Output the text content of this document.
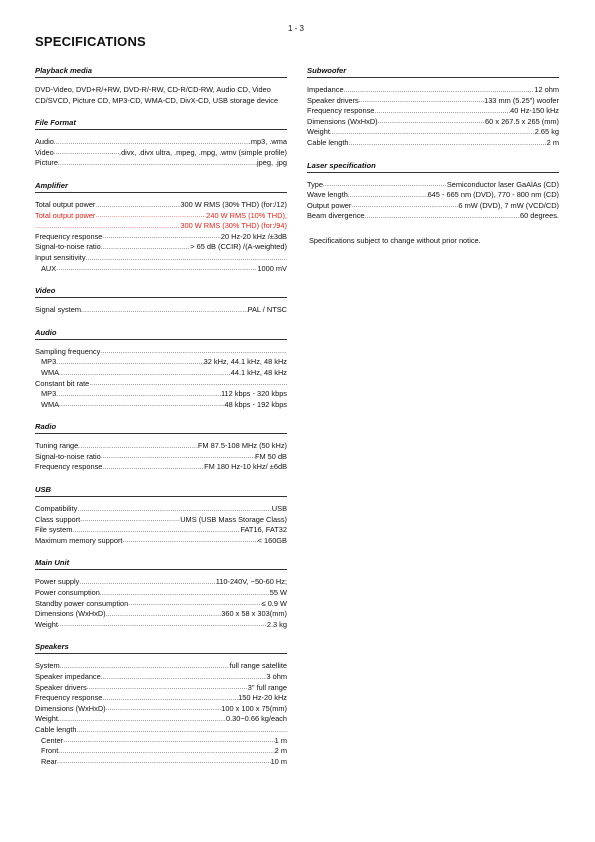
1 - 3
SPECIFICATIONS
Playback media
DVD-Video, DVD+R/+RW, DVD-R/-RW, CD-R/CD-RW, Audio CD, Video CD/SVCD, Picture CD, MP3-CD, WMA-CD, DivX-CD, USB storage device
File Format
Audio .....	.mp3, .wma
Video .....	.divx, .divx ultra, .mpeg, .mpg, .wmv (simple profile)
Picture .....	.jpeg, .jpg
Amplifier
Total output power .....	300 W RMS (30% THD) (for:/12)
Total output power .....	240 W RMS (10% THD),
.....
300 W RMS (30% THD) (for:/94)
Frequency response .....	20 Hz-20 kHz /±3dB
Signal-to-noise ratio .....	> 65 dB (CCIR) /(A-weighted)
Input sensitivity
.....
AUX .....	1000 mV
Video
Signal system .....	PAL / NTSC
Audio
Sampling frequency
.....
MP3 .....	32 kHz, 44.1 kHz, 48 kHz
WMA .....	44.1 kHz, 48 kHz
Constant bit rate
.....
MP3 .....	112 kbps - 320 kbps
WMA .....	48 kbps - 192 kbps
Radio
Tuning range .....	FM 87.5-108 MHz (50 kHz)
Signal-to-noise ratio .....	FM 50 dB
Frequency response .....	FM 180 Hz-10 kHz/ ±6dB
USB
Compatibility .....	USB
Class support .....	UMS (USB Mass Storage Class)
File system .....	FAT16, FAT32
Maximum memory support .....	< 160GB
Main Unit
Power supply .....	110-240V, ~50-60 Hz;
Power consumption .....	55 W
Standby power consumption .....	≤ 0.9 W
Dimensions (WxHxD) .....	360 x 58 x 303(mm)
Weight .....	2.3 kg
Speakers
System .....	full range satellite
Speaker impedance .....	3 ohm
Speaker drivers .....	3" full range
Frequency response .....	150 Hz-20 kHz
Dimensions (WxHxD) .....	100 x 100 x 75(mm)
Weight .....	0.30~0.66 kg/each
Cable length
.....
Center .....	1 m
Front .....	2 m
Rear .....	10 m
Subwoofer
Impedance .....	12 ohm
Speaker drivers .....	133 mm (5.25") woofer
Frequency response .....	40 Hz-150 kHz
Dimensions (WxHxD) .....	60 x 267.5 x 265 (mm)
Weight .....	2.65 kg
Cable length .....	2 m
Laser specification
Type .....	Semiconductor laser GaAlAs (CD)
Wave length .....	645 - 665 nm (DVD), 770 - 800 nm (CD)
Output power .....	6 mW (DVD), 7 mW (VCD/CD)
Beam divergence .....	60 degrees.
Specifications subject to change without prior notice.
